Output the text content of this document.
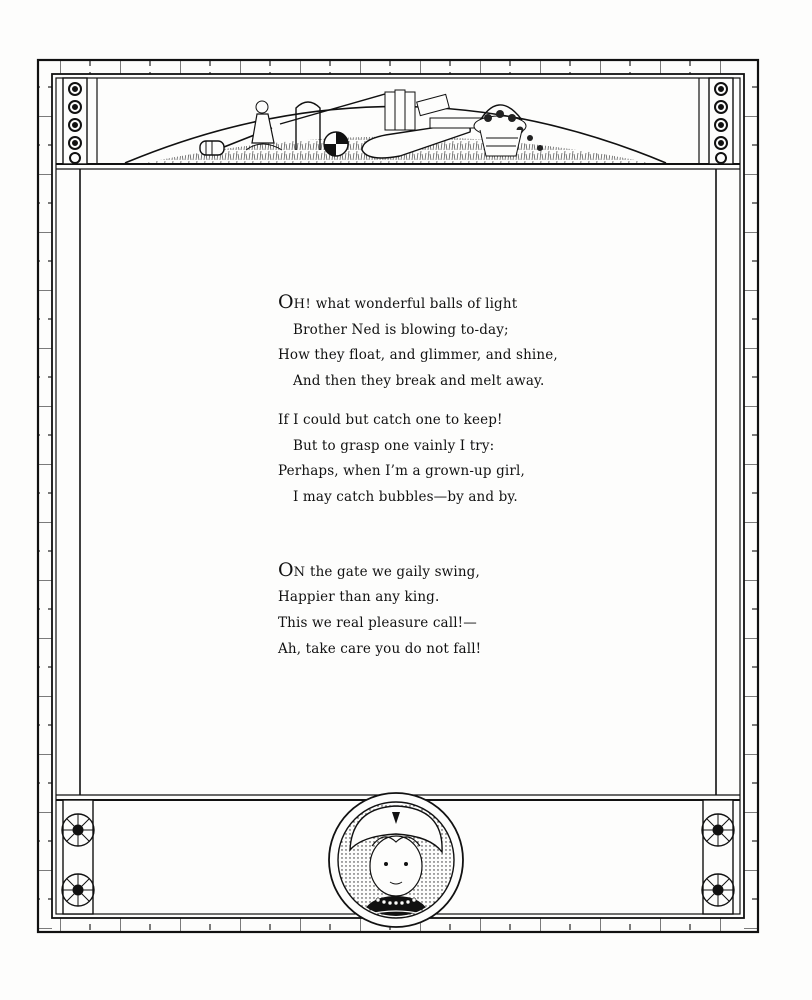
OH! what wonderful balls of light
Brother Ned is blowing to-day;
How they float, and glimmer, and shine,
And then they break and melt away.
If I could but catch one to keep!
But to grasp one vainly I try:
Perhaps, when I’m a grown-up girl,
I may catch bubbles—by and by.
ON the gate we gaily swing,
Happier than any king.
This we real pleasure call!—
Ah, take care you do not fall!
